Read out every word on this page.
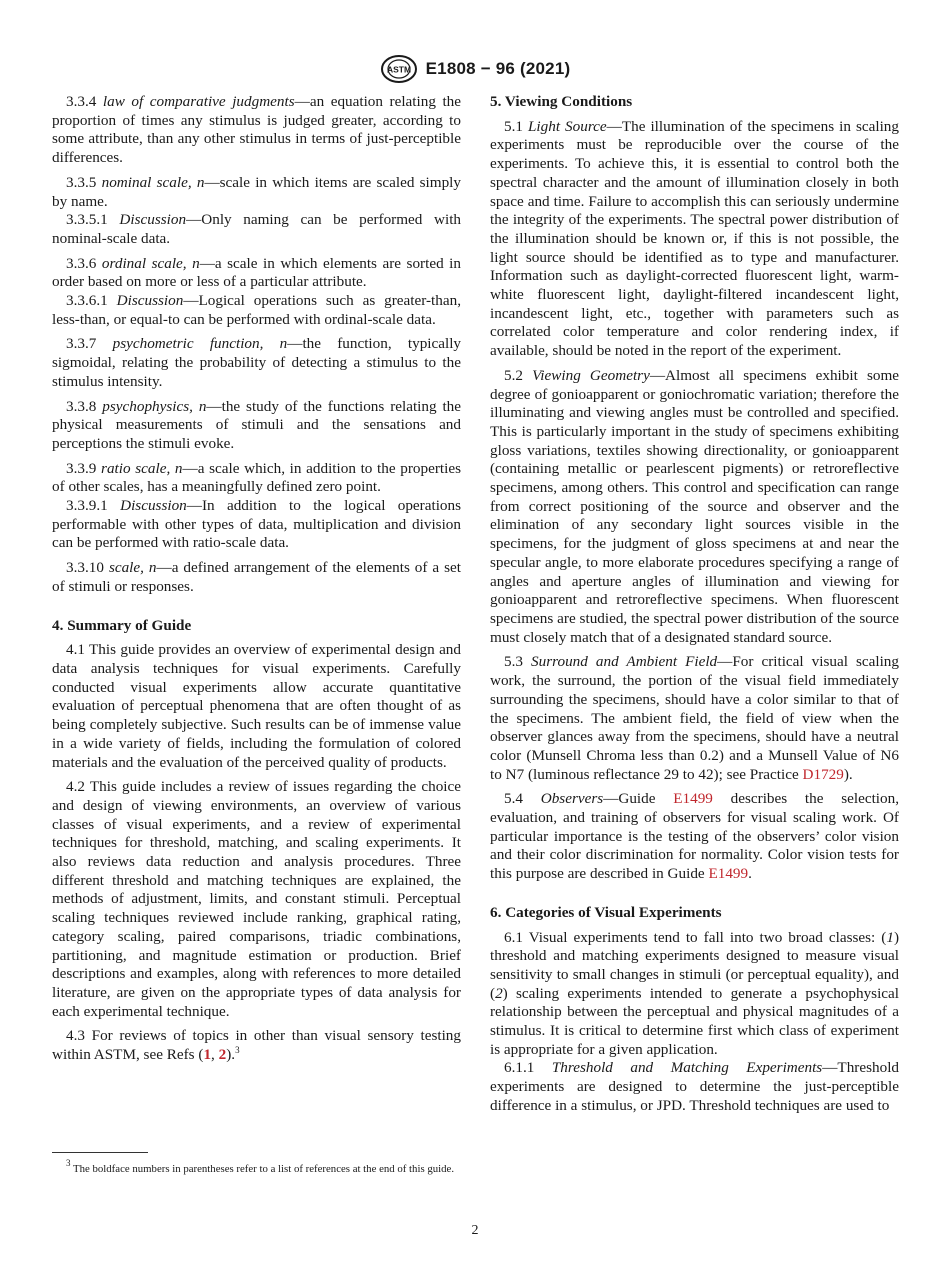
ASTM E1808 − 96 (2021)

3.3.4 law of comparative judgments—an equation relating the proportion of times any stimulus is judged greater, according to some attribute, than any other stimulus in terms of just-perceptible differences.

3.3.5 nominal scale, n—scale in which items are scaled simply by name.

3.3.5.1 Discussion—Only naming can be performed with nominal-scale data.

3.3.6 ordinal scale, n—a scale in which elements are sorted in order based on more or less of a particular attribute.

3.3.6.1 Discussion—Logical operations such as greater-than, less-than, or equal-to can be performed with ordinal-scale data.

3.3.7 psychometric function, n—the function, typically sigmoidal, relating the probability of detecting a stimulus to the stimulus intensity.

3.3.8 psychophysics, n—the study of the functions relating the physical measurements of stimuli and the sensations and perceptions the stimuli evoke.

3.3.9 ratio scale, n—a scale which, in addition to the properties of other scales, has a meaningfully defined zero point.

3.3.9.1 Discussion—In addition to the logical operations performable with other types of data, multiplication and division can be performed with ratio-scale data.

3.3.10 scale, n—a defined arrangement of the elements of a set of stimuli or responses.

4. Summary of Guide

4.1 This guide provides an overview of experimental design and data analysis techniques for visual experiments. Carefully conducted visual experiments allow accurate quantitative evaluation of perceptual phenomena that are often thought of as being completely subjective. Such results can be of immense value in a wide variety of fields, including the formulation of colored materials and the evaluation of the perceived quality of products.

4.2 This guide includes a review of issues regarding the choice and design of viewing environments, an overview of various classes of visual experiments, and a review of experimental techniques for threshold, matching, and scaling experiments. It also reviews data reduction and analysis procedures. Three different threshold and matching techniques are explained, the methods of adjustment, limits, and constant stimuli. Perceptual scaling techniques reviewed include ranking, graphical rating, category scaling, paired comparisons, triadic combinations, partitioning, and magnitude estimation or production. Brief descriptions and examples, along with references to more detailed literature, are given on the appropriate types of data analysis for each experimental technique.

4.3 For reviews of topics in other than visual sensory testing within ASTM, see Refs (1, 2).$^3$

5. Viewing Conditions

5.1 Light Source—The illumination of the specimens in scaling experiments must be reproducible over the course of the experiments. To achieve this, it is essential to control both the spectral character and the amount of illumination closely in both space and time. Failure to accomplish this can seriously undermine the integrity of the experiments. The spectral power distribution of the illumination should be known or, if this is not possible, the light source should be identified as to type and manufacturer. Information such as daylight-corrected fluorescent light, warm-white fluorescent light, daylight-filtered incandescent light, incandescent light, etc., together with parameters such as correlated color temperature and color rendering index, if available, should be noted in the report of the experiment.

5.2 Viewing Geometry—Almost all specimens exhibit some degree of gonioapparent or goniochromatic variation; therefore the illuminating and viewing angles must be controlled and specified. This is particularly important in the study of specimens exhibiting gloss variations, textiles showing directionality, or gonioapparent (containing metallic or pearlescent pigments) or retroreflective specimens, among others. This control and specification can range from correct positioning of the source and observer and the elimination of any secondary light sources visible in the specimens, for the judgment of gloss specimens at and near the specular angle, to more elaborate procedures specifying a range of angles and aperture angles of illumination and viewing for gonioapparent and retroreflective specimens. When fluorescent specimens are studied, the spectral power distribution of the source must closely match that of a designated standard source.

5.3 Surround and Ambient Field—For critical visual scaling work, the surround, the portion of the visual field immediately surrounding the specimens, should have a color similar to that of the specimens. The ambient field, the field of view when the observer glances away from the specimens, should have a neutral color (Munsell Chroma less than 0.2) and a Munsell Value of N6 to N7 (luminous reflectance 29 to 42); see Practice D1729).

5.4 Observers—Guide E1499 describes the selection, evaluation, and training of observers for visual scaling work. Of particular importance is the testing of the observers’ color vision and their color discrimination for normality. Color vision tests for this purpose are described in Guide E1499.

6. Categories of Visual Experiments

6.1 Visual experiments tend to fall into two broad classes: (1) threshold and matching experiments designed to measure visual sensitivity to small changes in stimuli (or perceptual equality), and (2) scaling experiments intended to generate a psychophysical relationship between the perceptual and physical magnitudes of a stimulus. It is critical to determine first which class of experiment is appropriate for a given application.

6.1.1 Threshold and Matching Experiments—Threshold experiments are designed to determine the just-perceptible difference in a stimulus, or JPD. Threshold techniques are used to

$^3$ The boldface numbers in parentheses refer to a list of references at the end of this guide.
2
